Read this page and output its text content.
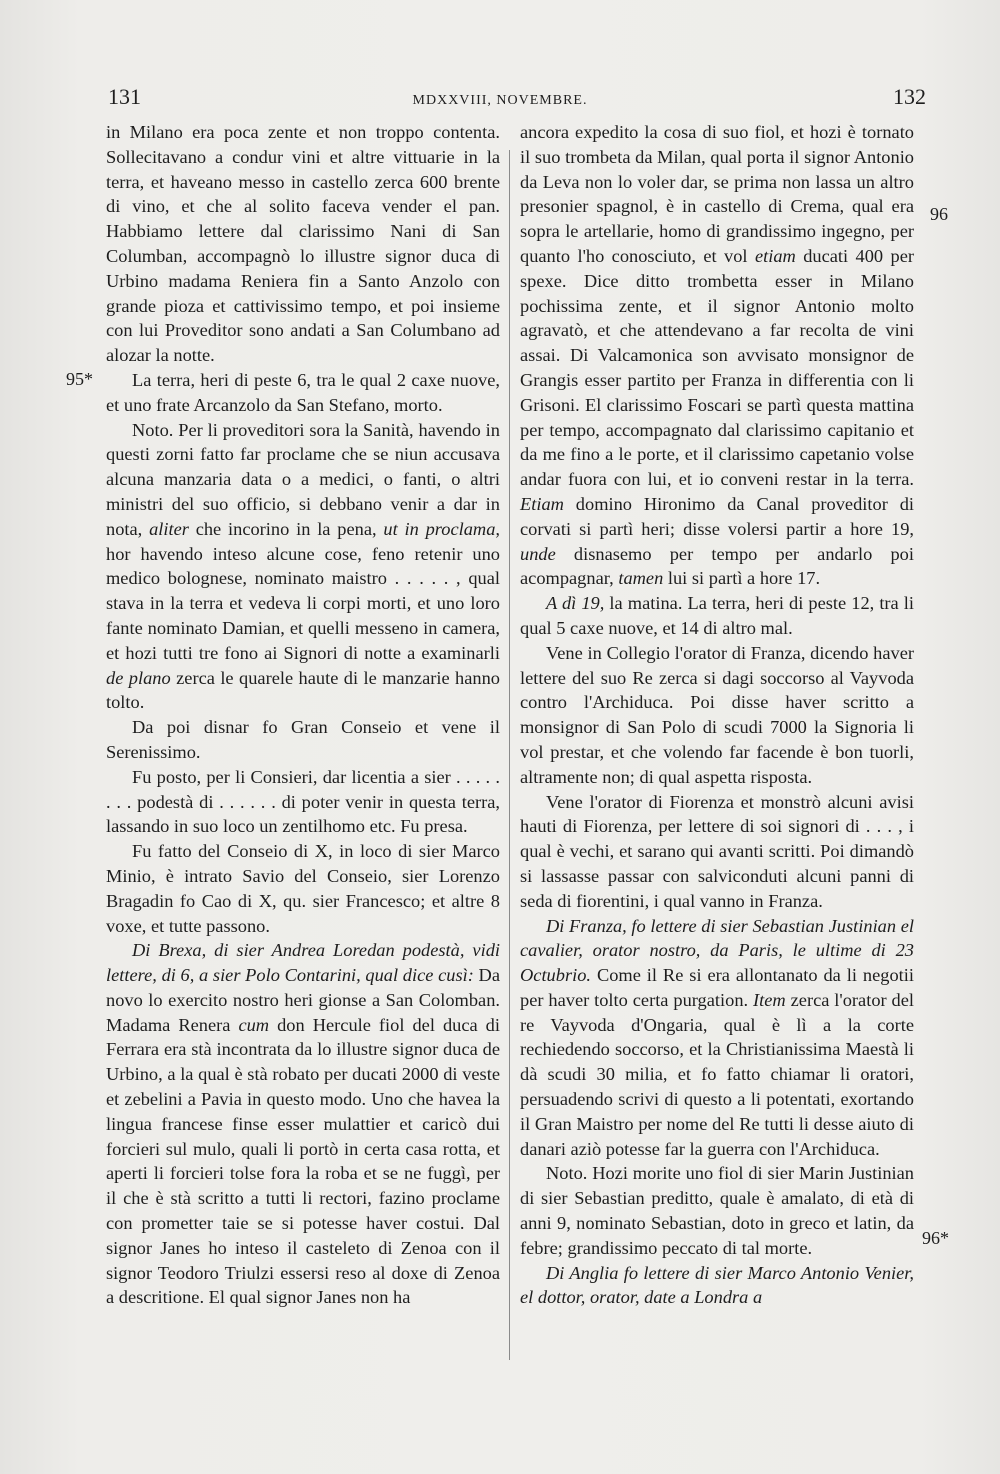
131	MDXXVIII, NOVEMBRE.	132
95*
96
96*

in Milano era poca zente et non troppo contenta. Sollecitavano a condur vini et altre vittuarie in la terra, et haveano messo in castello zerca 600 brente di vino, et che al solito faceva vender el pan. Habbiamo lettere dal clarissimo Nani di San Columban, accompagnò lo illustre signor duca di Urbino madama Reniera fin a Santo Anzolo con grande pioza et cattivissimo tempo, et poi insieme con lui Proveditor sono andati a San Columbano ad alozar la notte.

La terra, heri di peste 6, tra le qual 2 caxe nuove, et uno frate Arcanzolo da San Stefano, morto.

Noto. Per li proveditori sora la Sanità, havendo in questi zorni fatto far proclame che se niun accusava alcuna manzaria data o a medici, o fanti, o altri ministri del suo officio, si debbano venir a dar in nota, aliter che incorino in la pena, ut in proclama, hor havendo inteso alcune cose, feno retenir uno medico bolognese, nominato maistro . . . . . , qual stava in la terra et vedeva li corpi morti, et uno loro fante nominato Damian, et quelli messeno in camera, et hozi tutti tre fono ai Signori di notte a examinarli de plano zerca le quarele haute di le manzarie hanno tolto.

Da poi disnar fo Gran Conseio et vene il Serenissimo.

Fu posto, per li Consieri, dar licentia a sier . . . . . . . . podestà di . . . . . . di poter venir in questa terra, lassando in suo loco un zentilhomo etc. Fu presa.

Fu fatto del Conseio di X, in loco di sier Marco Minio, è intrato Savio del Conseio, sier Lorenzo Bragadin fo Cao di X, qu. sier Francesco; et altre 8 voxe, et tutte passono.

Di Brexa, di sier Andrea Loredan podestà, vidi lettere, di 6, a sier Polo Contarini, qual dice cusì: Da novo lo exercito nostro heri gionse a San Colomban. Madama Renera cum don Hercule fiol del duca di Ferrara era stà incontrata da lo illustre signor duca de Urbino, a la qual è stà robato per ducati 2000 di veste et zebelini a Pavia in questo modo. Uno che havea la lingua francese finse esser mulattier et caricò dui forcieri sul mulo, quali li portò in certa casa rotta, et aperti li forcieri tolse fora la roba et se ne fuggì, per il che è stà scritto a tutti li rectori, fazino proclame con prometter taie se si potesse haver costui. Dal signor Janes ho inteso il casteleto di Zenoa con il signor Teodoro Triulzi essersi reso al doxe di Zenoa a descritione. El qual signor Janes non ha

ancora expedito la cosa di suo fiol, et hozi è tornato il suo trombeta da Milan, qual porta il signor Antonio da Leva non lo voler dar, se prima non lassa un altro presonier spagnol, è in castello di Crema, qual era sopra le artellarie, homo di grandissimo ingegno, per quanto l'ho conosciuto, et vol etiam ducati 400 per spexe. Dice ditto trombetta esser in Milano pochissima zente, et il signor Antonio molto agravatò, et che attendevano a far recolta de vini assai. Di Valcamonica son avvisato monsignor de Grangis esser partito per Franza in differentia con li Grisoni. El clarissimo Foscari se partì questa mattina per tempo, accompagnato dal clarissimo capitanio et da me fino a le porte, et il clarissimo capetanio volse andar fuora con lui, et io conveni restar in la terra. Etiam domino Hironimo da Canal proveditor di corvati si partì heri; disse volersi partir a hore 19, unde disnasemo per tempo per andarlo poi acompagnar, tamen lui si partì a hore 17.

A dì 19, la matina. La terra, heri di peste 12, tra li qual 5 caxe nuove, et 14 di altro mal.

Vene in Collegio l'orator di Franza, dicendo haver lettere del suo Re zerca si dagi soccorso al Vayvoda contro l'Archiduca. Poi disse haver scritto a monsignor di San Polo di scudi 7000 la Signoria li vol prestar, et che volendo far facende è bon tuorli, altramente non; di qual aspetta risposta.

Vene l'orator di Fiorenza et monstrò alcuni avisi hauti di Fiorenza, per lettere di soi signori di . . . , i qual è vechi, et sarano qui avanti scritti. Poi dimandò si lassasse passar con salviconduti alcuni panni di seda di fiorentini, i qual vanno in Franza.

Di Franza, fo lettere di sier Sebastian Justinian el cavalier, orator nostro, da Paris, le ultime di 23 Octubrio. Come il Re si era allontanato da li negotii per haver tolto certa purgation. Item zerca l'orator del re Vayvoda d'Ongaria, qual è lì a la corte rechiedendo soccorso, et la Christianissima Maestà li dà scudi 30 milia, et fo fatto chiamar li oratori, persuadendo scrivi di questo a li potentati, exortando il Gran Maistro per nome del Re tutti li desse aiuto di danari aziò potesse far la guerra con l'Archiduca.

Noto. Hozi morite uno fiol di sier Marin Justinian di sier Sebastian preditto, quale è amalato, di età di anni 9, nominato Sebastian, doto in greco et latin, da febre; grandissimo peccato di tal morte.

Di Anglia fo lettere di sier Marco Antonio Venier, el dottor, orator, date a Londra a
